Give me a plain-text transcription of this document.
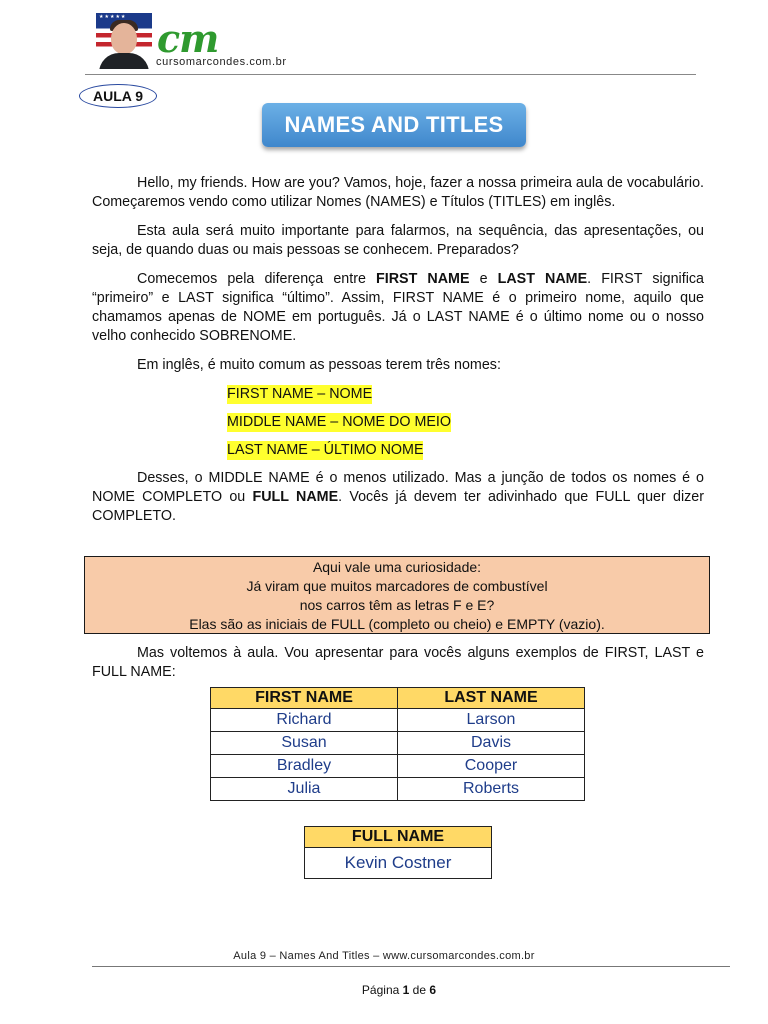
★★★★★ cm
cursomarcondes.com.br
AULA 9
NAMES AND TITLES

Hello, my friends. How are you? Vamos, hoje, fazer a nossa primeira aula de vocabulário. Começaremos vendo como utilizar Nomes (NAMES) e Títulos (TITLES) em inglês.

Esta aula será muito importante para falarmos, na sequência, das apresentações, ou seja, de quando duas ou mais pessoas se conhecem. Preparados?

Comecemos pela diferença entre FIRST NAME e LAST NAME. FIRST significa “primeiro” e LAST significa “último”. Assim, FIRST NAME é o primeiro nome, aquilo que chamamos apenas de NOME em português. Já o LAST NAME é o último nome ou o nosso velho conhecido SOBRENOME.

Em inglês, é muito comum as pessoas terem três nomes:

FIRST NAME – NOME
MIDDLE NAME – NOME DO MEIO
LAST NAME – ÚLTIMO NOME

Desses, o MIDDLE NAME é o menos utilizado. Mas a junção de todos os nomes é o NOME COMPLETO ou FULL NAME. Vocês já devem ter adivinhado que FULL quer dizer COMPLETO.

Aqui vale uma curiosidade:
Já viram que muitos marcadores de combustível
nos carros têm as letras F e E?
Elas são as iniciais de FULL (completo ou cheio) e EMPTY (vazio).

Mas voltemos à aula. Vou apresentar para vocês alguns exemplos de FIRST, LAST e FULL NAME:

FIRST NAME	LAST NAME
Richard	Larson
Susan	Davis
Bradley	Cooper
Julia	Roberts
FULL NAME
Kevin Costner
Aula 9 – Names And Titles – www.cursomarcondes.com.br
Página 1 de 6
